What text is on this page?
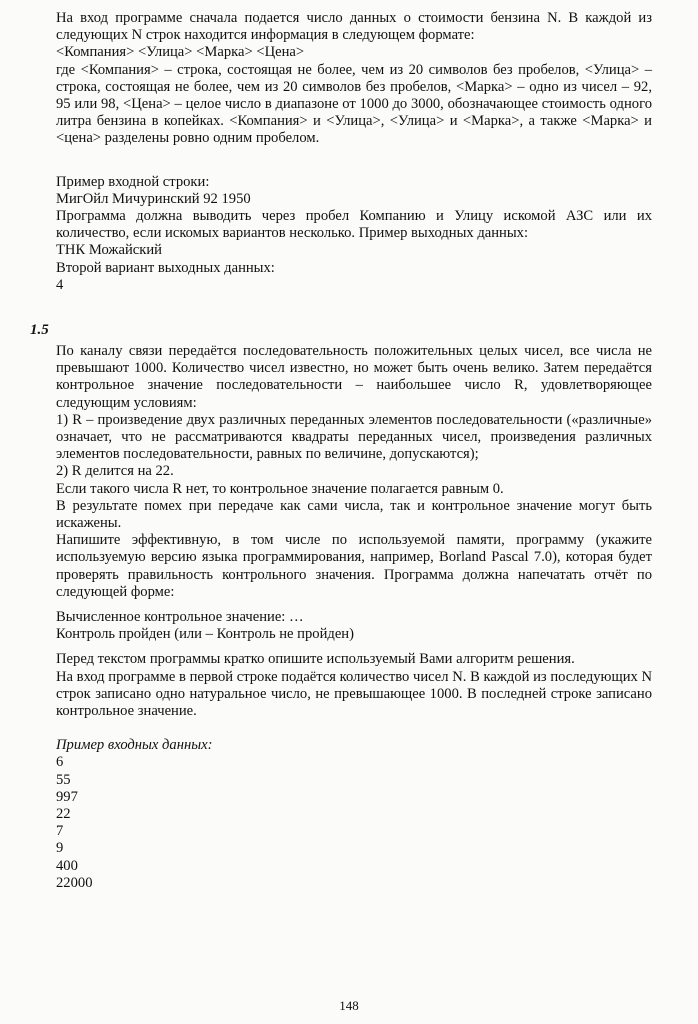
На вход программе сначала подается число данных о стоимости бензина N. В каждой из следующих N строк находится информация в следующем формате:

<Компания> <Улица> <Марка> <Цена>

где <Компания> – строка, состоящая не более, чем из 20 символов без пробелов, <Улица> – строка, состоящая не более, чем из 20 символов без пробелов, <Марка> – одно из чисел – 92, 95 или 98, <Цена> – целое число в диапазоне от 1000 до 3000, обозначающее стоимость одного литра бензина в копейках. <Компания> и <Улица>, <Улица> и <Марка>, а также <Марка> и <цена> разделены ровно одним пробелом.

Пример входной строки:

МигОйл Мичуринский 92 1950

Программа должна выводить через пробел Компанию и Улицу искомой АЗС или их количество, если искомых вариантов несколько. Пример выходных данных:

ТНК Можайский

Второй вариант выходных данных:

4

1.5

По каналу связи передаётся последовательность положительных целых чисел, все числа не превышают 1000. Количество чисел известно, но может быть очень велико. Затем передаётся контрольное значение последовательности – наибольшее число R, удовлетворяющее следующим условиям:

1) R – произведение двух различных переданных элементов последовательности («различные» означает, что не рассматриваются квадраты переданных чисел, произведения различных элементов последовательности, равных по величине, допускаются);

2) R делится на 22.

Если такого числа R нет, то контрольное значение полагается равным 0.

В результате помех при передаче как сами числа, так и контрольное значение могут быть искажены.

Напишите эффективную, в том числе по используемой памяти, программу (укажите используемую версию языка программирования, например, Borland Pascal 7.0), которая будет проверять правильность контрольного значения. Программа должна напечатать отчёт по следующей форме:

Вычисленное контрольное значение: …

Контроль пройден (или – Контроль не пройден)

Перед текстом программы кратко опишите используемый Вами алгоритм решения.

На вход программе в первой строке подаётся количество чисел N. В каждой из последующих N строк записано одно натуральное число, не превышающее 1000. В последней строке записано контрольное значение.

Пример входных данных:

6

55

997

22

7

9

400

22000

148
